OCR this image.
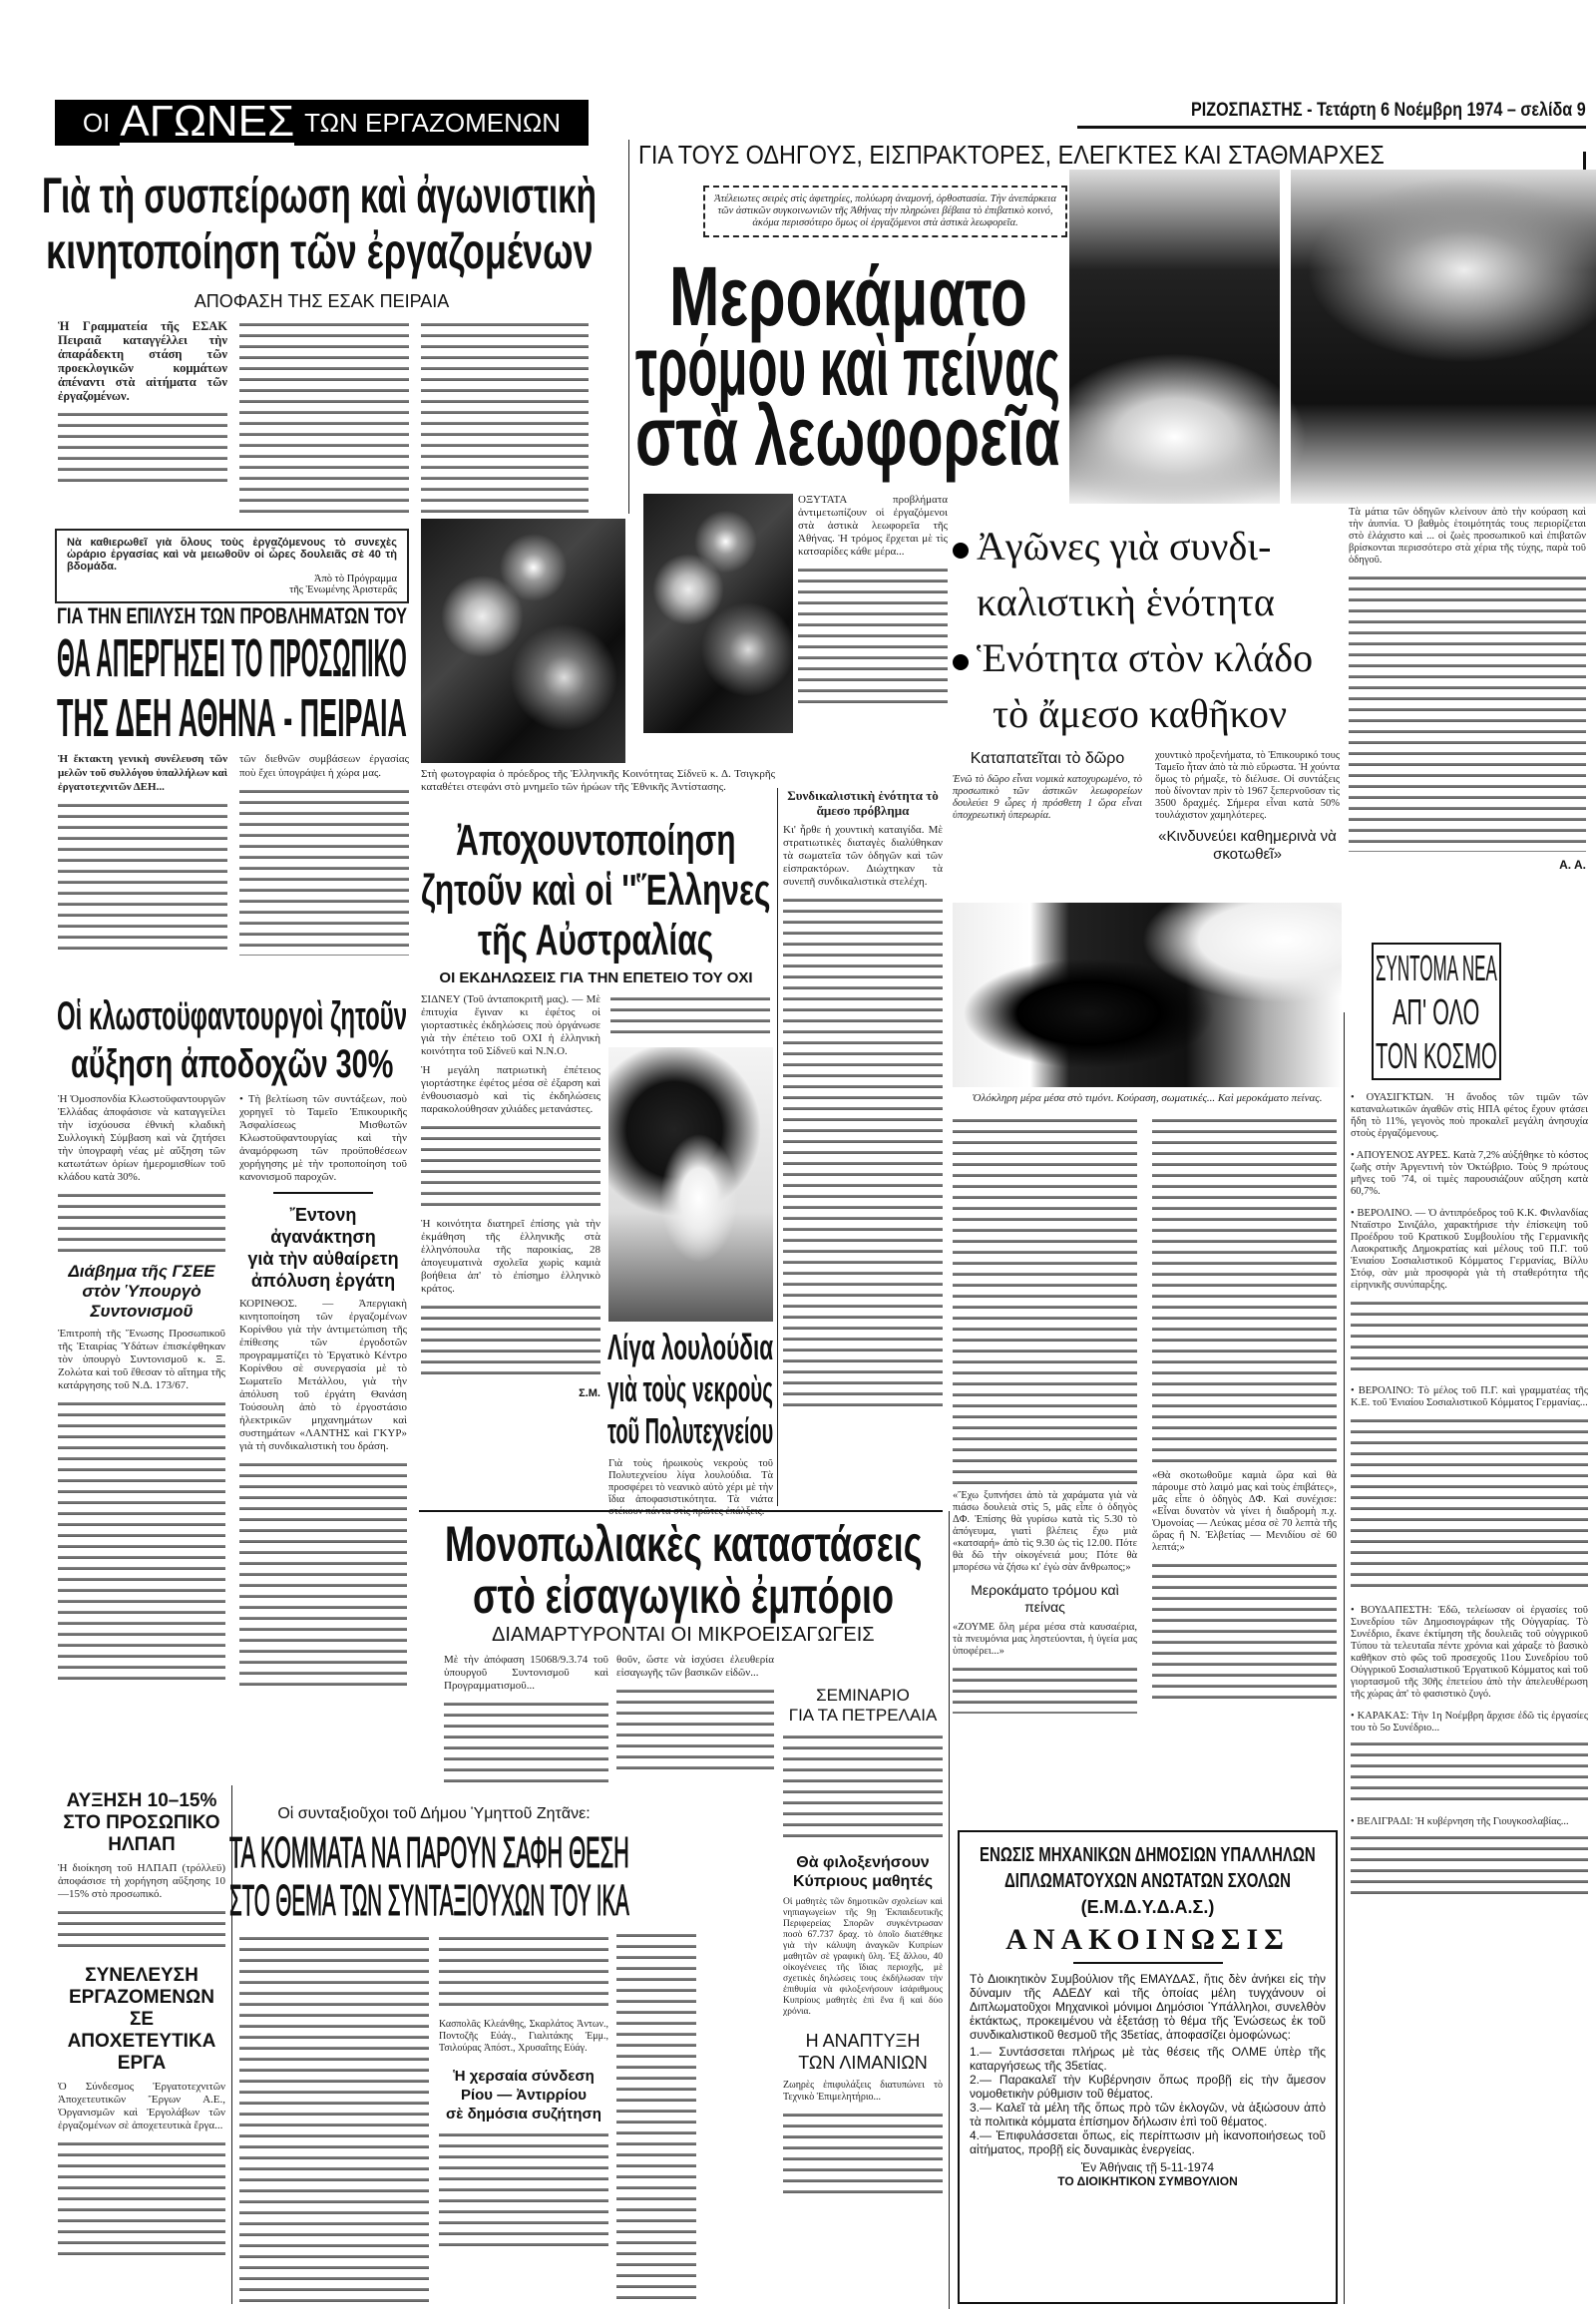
ΟΙ ΑΓΩΝΕΣ ΤΩΝ ΕΡΓΑΖΟΜΕΝΩΝ	ΡΙΖΟΣΠΑΣΤΗΣ - Τετάρτη 6 Νοέμβρη 1974 – σελίδα 9
Γιὰ τὴ συσπείρωση καὶ ἀγωνιστικὴ
κινητοποίηση τῶν ἐργαζομένων
ΑΠΟΦΑΣΗ ΤΗΣ ΕΣΑΚ ΠΕΙΡΑΙΑ

Ἡ Γραμματεία τῆς ΕΣΑΚ Πειραιᾶ καταγγέλλει τὴν ἀπαράδεκτη στάση τῶν προεκλογικῶν κομμάτων ἀπέναντι στὰ αἰτήματα τῶν ἐργαζομένων.

Νὰ καθιερωθεῖ γιὰ ὅλους τοὺς ἐργαζόμενους τὸ συνεχὲς ὡράριο ἐργασίας καὶ νὰ μειωθοῦν οἱ ὧρες δουλειᾶς σὲ 40 τὴ βδομάδα.
Ἀπὸ τὸ Πρόγραμμα
τῆς Ἑνωμένης Ἀριστερᾶς
ΓΙΑ ΤΗΝ ΕΠΙΛΥΣΗ ΤΩΝ ΠΡΟΒΛΗΜΑΤΩΝ ΤΟΥ
ΘΑ ΑΠΕΡΓΗΣΕΙ ΤΟ ΠΡΟΣΩΠΙΚΟ
ΤΗΣ ΔΕΗ ΑΘΗΝΑ - ΠΕΙΡΑΙΑ

Ἡ ἔκτακτη γενικὴ συνέλευση τῶν μελῶν τοῦ συλλόγου ὑπαλλήλων καὶ ἐργατοτεχνιτῶν ΔΕΗ...

τῶν διεθνῶν συμβάσεων ἐργασίας ποὺ ἔχει ὑπογράψει ἡ χώρα μας.

Οἱ κλωστοϋφαντουργοὶ ζητοῦν
αὔξηση ἀποδοχῶν 30%

Ἡ Ὁμοσπονδία Κλωστοϋφαντουργῶν Ἑλλάδας ἀποφάσισε νὰ καταγγείλει τὴν ἰσχύουσα ἐθνικὴ κλαδικὴ Συλλογικὴ Σύμβαση καὶ νὰ ζητήσει τὴν ὑπογραφὴ νέας μὲ αὔξηση τῶν κατωτάτων ὁρίων ἡμερομισθίων τοῦ κλάδου κατὰ 30%.

Διάβημα τῆς ΓΣΕΕ στὸν Ὑπουργὸ Συντονισμοῦ

Ἐπιτροπὴ τῆς Ἕνωσης Προσωπικοῦ τῆς Ἑταιρίας Ὑδάτων ἐπισκέφθηκαν τὸν ὑπουργὸ Συντονισμοῦ κ. Ξ. Ζολώτα καὶ τοῦ ἔθεσαν τὸ αἴτημα τῆς κατάργησης τοῦ Ν.Δ. 173/67.

• Τὴ βελτίωση τῶν συντάξεων, ποὺ χορηγεῖ τὸ Ταμεῖο Ἐπικουρικῆς Ἀσφαλίσεως Μισθωτῶν Κλωστοϋφαντουργίας καὶ τὴν ἀναμόρφωση τῶν προϋποθέσεων χορήγησης μὲ τὴν τροποποίηση τοῦ κανονισμοῦ παροχῶν.

Ἔντονη ἀγανάκτηση
γιὰ τὴν αὐθαίρετη
ἀπόλυση ἐργάτη

ΚΟΡΙΝΘΟΣ. — Ἀπεργιακὴ κινητοποίηση τῶν ἐργαζομένων Κορίνθου γιὰ τὴν ἀντιμετώπιση τῆς ἐπίθεσης τῶν ἐργοδοτῶν προγραμματίζει τὸ Ἐργατικὸ Κέντρο Κορίνθου σὲ συνεργασία μὲ τὸ Σωματεῖο Μετάλλου, γιὰ τὴν ἀπόλυση τοῦ ἐργάτη Θανάση Τούσουλη ἀπὸ τὸ ἐργοστάσιο ἠλεκτρικῶν μηχανημάτων καὶ συστημάτων «ΛΑΝΤΗΣ καὶ ΓΚΥΡ» γιὰ τὴ συνδικαλιστικὴ του δράση.

ΑΥΞΗΣΗ 10–15% ΣΤΟ ΠΡΟΣΩΠΙΚΟ ΗΛΠΑΠ

Ἡ διοίκηση τοῦ ΗΛΠΑΠ (τρόλλεϋ) ἀποφάσισε τὴ χορήγηση αὔξησης 10—15% στὸ προσωπικό.

ΣΥΝΕΛΕΥΣΗ ΕΡΓΑΖΟΜΕΝΩΝ ΣΕ ΑΠΟΧΕΤΕΥΤΙΚΑ ΕΡΓΑ

Ὁ Σύνδεσμος Ἐργατοτεχνιτῶν Ἀποχετευτικῶν Ἔργων Α.Ε., Ὀργανισμῶν καὶ Ἐργολάβων τῶν ἐργαζομένων σὲ ἀποχετευτικὰ ἔργα...

Στὴ φωτογραφία ὁ πρόεδρος τῆς Ἑλληνικῆς Κοινότητας Σίδνεϋ κ. Δ. Τσιγκρῆς καταθέτει στεφάνι στὸ μνημεῖο τῶν ἡρώων τῆς Ἐθνικῆς Ἀντίστασης.
Ἀποχουντοποίηση
ζητοῦν καὶ οἱ ''Ἕλληνες
τῆς Αὐστραλίας
ΟΙ ΕΚΔΗΛΩΣΕΙΣ ΓΙΑ ΤΗΝ ΕΠΕΤΕΙΟ ΤΟΥ ΟΧΙ

ΣΙΔΝΕΥ (Τοῦ ἀνταποκριτῆ μας). — Μὲ ἐπιτυχία ἔγιναν κι ἐφέτος οἱ γιορταστικὲς ἐκδηλώσεις ποὺ ὀργάνωσε γιὰ τὴν ἐπέτειο τοῦ ΟΧΙ ἡ ἑλληνικὴ κοινότητα τοῦ Σίδνεϋ καὶ Ν.Ν.Ο.

Ἡ μεγάλη πατριωτικὴ ἐπέτειος γιορτάστηκε ἐφέτος μέσα σὲ ἐξαρση καὶ ἐνθουσιασμὸ καὶ τὶς ἐκδηλώσεις παρακολούθησαν χιλιάδες μετανάστες.

Ἡ κοινότητα διατηρεῖ ἐπίσης γιὰ τὴν ἐκμάθηση τῆς ἑλληνικῆς στὰ ἑλληνόπουλα τῆς παροικίας, 28 ἀπογευματινὰ σχολεῖα χωρὶς καμιὰ βοήθεια ἀπ' τὸ ἐπίσημο ἑλληνικὸ κράτος.

Σ.Μ.
Λίγα λουλούδια
γιὰ τοὺς νεκροὺς
τοῦ Πολυτεχνείου
Γιὰ τοὺς ἡρωικοὺς νεκροὺς τοῦ Πολυτεχνείου λίγα λουλούδια. Τὰ προσφέρει τὸ νεανικὸ αὐτὸ χέρι μὲ τὴν ἴδια ἀποφασιστικότητα. Τὰ νιάτα
ΓΙΑ ΤΟΥΣ ΟΔΗΓΟΥΣ, ΕΙΣΠΡΑΚΤΟΡΕΣ, ΕΛΕΓΚΤΕΣ ΚΑΙ ΣΤΑΘΜΑΡΧΕΣ
Ἀτέλειωτες σειρὲς στὶς ἀφετηρίες, πολύωρη ἀναμονή, ὀρθοστασία. Τὴν ἀνεπάρκεια τῶν ἀστικῶν συγκοινωνιῶν τῆς Ἀθήνας τὴν πληρώνει βέβαια τὸ ἐπιβατικὸ κοινό, ἀκόμα περισσότερο ὅμως οἱ ἐργαζόμενοι στὰ ἀστικὰ λεωφορεῖα.
Μεροκάματο
τρόμου καὶ πείνας
στὰ λεωφορεῖα

ΟΞΥΤΑΤΑ προβλήματα ἀντιμετωπίζουν οἱ ἐργαζόμενοι στὰ ἀστικὰ λεωφορεῖα τῆς Ἀθήνας. Ἡ τρόμος ἔρχεται μὲ τὶς κατσαρίδες κάθε μέρα...	Ἀγῶνες γιὰ συνδι-
καλιστικὴ ἑνότητα
Ἑνότητα στὸν κλάδο
τὸ ἄμεσο καθῆκον
Συνδικαλιστικὴ ἑνότητα τὸ ἄμεσο πρόβλημα

Κι' ἦρθε ἡ χουντικὴ καταιγίδα. Μὲ στρατιωτικὲς διαταγὲς διαλύθηκαν τὰ σωματεῖα τῶν ὁδηγῶν καὶ τῶν εἰσπρακτόρων. Διώχτηκαν τὰ συνεπῆ συνδικαλιστικὰ στελέχη.

Καταπατεῖται τὸ δῶρο

Ἐνῶ τὸ δῶρο εἶναι νομικὰ κατοχυρωμένο, τὸ προσωπικὸ τῶν ἀστικῶν λεωφορείων δουλεύει 9 ὧρες ἡ πρόσθετη 1 ὥρα εἶναι ὑποχρεωτικὴ ὑπερωρία.

χουντικὸ προξενήματα, τὸ Ἐπικουρικό τους Ταμεῖο ἦταν ἀπὸ τὰ πιὸ εὔρωστα. Ἡ χούντα ὅμως τὸ ρήμαξε, τὸ διέλυσε. Οἱ συντάξεις ποὺ δίνονταν πρὶν τὸ 1967 ξεπερνοῦσαν τὶς 3500 δραχμές. Σήμερα εἶναι κατὰ 50% τουλάχιστον χαμηλότερες.

«Κινδυνεύει καθημερινὰ νὰ σκοτωθεῖ»
Ὁλόκληρη μέρα μέσα στὸ τιμόνι. Κούραση, σωματικές... Καὶ μεροκάματο πείνας.

Τὰ μάτια τῶν ὁδηγῶν κλείνουν ἀπὸ τὴν κούραση καὶ τὴν ἀυπνία. Ὁ βαθμὸς ἑτοιμότητάς τους περιορίζεται στὸ ἐλάχιστο καὶ ... οἱ ζωὲς προσωπικοῦ καὶ ἐπιβατῶν βρίσκονται περισσότερο στὰ χέρια τῆς τύχης, παρὰ τοῦ ὁδηγοῦ.

Α. Α.

«Ἔχω ξυπνήσει ἀπὸ τὰ χαράματα γιὰ νὰ πιάσω δουλειὰ στὶς 5, μᾶς εἶπε ὁ ὁδηγὸς ΔΦ. Ἐπίσης θὰ γυρίσω κατὰ τὶς 5.30 τὸ ἀπόγευμα, γιατὶ βλέπεις ἔχω μιὰ «κατσαρή» ἀπὸ τὶς 9.30 ὡς τὶς 12.00. Πότε θὰ δῶ τὴν οἰκογένειά μου; Πότε θὰ μπορέσω νὰ ζήσω κι' ἐγὼ σὰν ἄνθρωπος;»

Μεροκάματο τρόμου καὶ πείνας

«ΖΟΥΜΕ ὅλη μέρα μέσα στὰ καυσαέρια, τὰ πνευμόνια μας ληστεύονται, ἡ ὑγεία μας ὑποφέρει...»

«Θὰ σκοτωθοῦμε καμιὰ ὥρα καὶ θὰ πάρουμε στὸ λαιμό μας καὶ τοὺς ἐπιβάτες», μᾶς εἶπε ὁ ὁδηγὸς ΔΦ. Καὶ συνέχισε: «Εἶναι δυνατὸν νὰ γίνει ἡ διαδρομὴ π.χ. Ὁμονοίας — Λεύκας μέσα σὲ 70 λεπτὰ τῆς ὥρας ἢ Ν. Ἐλβετίας — Μενιδίου σὲ 60 λεπτά;»

ΣΥΝΤΟΜΑ ΝΕΑ
ΑΠ' ΟΛΟ
ΤΟΝ ΚΟΣΜΟ

• ΟΥΑΣΙΓΚΤΩΝ. Ἡ ἄνοδος τῶν τιμῶν τῶν καταναλωτικῶν ἀγαθῶν στὶς ΗΠΑ φέτος ἔχουν φτάσει ἤδη τὸ 11%, γεγονὸς ποὺ προκαλεῖ μεγάλη ἀνησυχία στοὺς ἐργαζόμενους.

• ΑΠΟΥΕΝΟΣ ΑΥΡΕΣ. Κατὰ 7,2% αὐξήθηκε τὸ κόστος ζωῆς στὴν Ἀργεντινὴ τὸν Ὀκτώβριο. Τοὺς 9 πρώτους μῆνες τοῦ '74, οἱ τιμὲς παρουσιάζουν αὔξηση κατὰ 60,7%.

• ΒΕΡΟΛΙΝΟ. — Ὁ ἀντιπρόεδρος τοῦ Κ.Κ. Φινλανδίας Νταϊστρο Σινιζάλο, χαρακτήρισε τὴν ἐπίσκεψη τοῦ Προέδρου τοῦ Κρατικοῦ Συμβουλίου τῆς Γερμανικῆς Λαοκρατικῆς Δημοκρατίας καὶ μέλους τοῦ Π.Γ. τοῦ Ἑνιαίου Σοσιαλιστικοῦ Κόμματος Γερμανίας, Βίλλυ Στόφ, σὰν μιὰ προσφορὰ γιὰ τὴ σταθερότητα τῆς εἰρηνικῆς συνύπαρξης.

• ΒΕΡΟΛΙΝΟ: Τὸ μέλος τοῦ Π.Γ. καὶ γραμματέας τῆς Κ.Ε. τοῦ Ἑνιαίου Σοσιαλιστικοῦ Κόμματος Γερμανίας...

• ΒΟΥΔΑΠΕΣΤΗ: Ἐδῶ, τελείωσαν οἱ ἐργασίες τοῦ Συνεδρίου τῶν Δημοσιογράφων τῆς Οὐγγαρίας. Τὸ Συνέδριο, ἔκανε ἐκτίμηση τῆς δουλειᾶς τοῦ οὐγγρικοῦ Τύπου τὰ τελευταῖα πέντε χρόνια καὶ χάραξε τὸ βασικὸ καθῆκον στὸ φῶς τοῦ προσεχοῦς 11ου Συνεδρίου τοῦ Οὐγγρικοῦ Σοσιαλιστικοῦ Ἐργατικοῦ Κόμματος καὶ τοῦ γιορτασμοῦ τῆς 30ῆς ἐπετείου ἀπὸ τὴν ἀπελευθέρωση τῆς χώρας ἀπ' τὸ φασιστικὸ ζυγό.

• ΚΑΡΑΚΑΣ: Τὴν 1η Νοέμβρη ἄρχισε ἐδῶ τὶς ἐργασίες του τὸ 5ο Συνέδριο...

• ΒΕΛΙΓΡΑΔΙ: Ἡ κυβέρνηση τῆς Γιουγκοσλαβίας...

Μονοπωλιακὲς καταστάσεις
στὸ εἰσαγωγικὸ ἐμπόριο
ΔΙΑΜΑΡΤΥΡΟΝΤΑΙ ΟΙ ΜΙΚΡΟΕΙΣΑΓΩΓΕΙΣ

Μὲ τὴν ἀπόφαση 15068/9.3.74 τοῦ ὑπουργοῦ Συντονισμοῦ καὶ Προγραμματισμοῦ...

θοῦν, ὥστε νὰ ἰσχύσει ἐλευθερία εἰσαγωγῆς τῶν βασικῶν εἰδῶν...

ΣΕΜΙΝΑΡΙΟ
ΓΙΑ ΤΑ ΠΕΤΡΕΛΑΙΑ
Θὰ φιλοξενήσουν
Κύπριους μαθητές

Οἱ μαθητὲς τῶν δημοτικῶν σχολείων καὶ νηπιαγωγείων τῆς 9ῃ Ἐκπαιδευτικῆς Περιφερείας Σπορῶν συγκέντρωσαν ποσὸ 67.737 δραχ. τὸ ὁποῖο διατέθηκε γιὰ τὴν κάλυψη ἀναγκῶν Κυπρίων μαθητῶν σὲ γραφικὴ ὕλη. Ἐξ ἄλλου, 40 οἰκογένειες τῆς ἴδιας περιοχῆς, μὲ σχετικὲς δηλώσεις τους ἐκδήλωσαν τὴν ἐπιθυμία νὰ φιλοξενήσουν ἰσάριθμους Κυπρίους μαθητὲς ἐπὶ ἕνα ἢ καὶ δύο χρόνια.

Η ΑΝΑΠΤΥΞΗ
ΤΩΝ ΛΙΜΑΝΙΩΝ

Ζωηρὲς ἐπιφυλάξεις διατυπώνει τὸ Τεχνικὸ Ἐπιμελητήριο...

Οἱ συνταξιοῦχοι τοῦ Δήμου Ὑμηττοῦ Ζητᾶνε:
ΤΑ ΚΟΜΜΑΤΑ ΝΑ ΠΑΡΟΥΝ ΣΑΦΗ ΘΕΣΗ
ΣΤΟ ΘΕΜΑ ΤΩΝ ΣΥΝΤΑΞΙΟΥΧΩΝ ΤΟΥ ΙΚΑ

Κασπολᾶς Κλεάνθης, Σκαρλάτος Ἀντων., Ποντοζῆς Εὐάγ., Γιαλιτάκης Ἐμμ., Τσιλούρας Ἀπόστ., Χρυσαΐτης Εὐάγ.

Ἡ χερσαία σύνδεση
Ρίου — Ἀντιρρίου
σὲ δημόσια συζήτηση
ΕΝΩΣΙΣ ΜΗΧΑΝΙΚΩΝ ΔΗΜΟΣΙΩΝ ΥΠΑΛΛΗΛΩΝ
ΔΙΠΛΩΜΑΤΟΥΧΩΝ ΑΝΩΤΑΤΩΝ ΣΧΟΛΩΝ
(Ε.Μ.Δ.Υ.Δ.Α.Σ.)
ΑΝΑΚΟΙΝΩΣΙΣ
Τὸ Διοικητικὸν Συμβούλιον τῆς ΕΜΑΥΔΑΣ, ἥτις δὲν ἀνήκει εἰς τὴν δύναμιν τῆς ΑΔΕΔΥ καὶ τῆς ὁποίας μέλη τυγχάνουν οἱ Διπλωματοῦχοι Μηχανικοὶ μόνιμοι Δημόσιοι Ὑπάλληλοι, συνελθὸν ἐκτάκτως, προκειμένου νὰ ἐξετάσῃ τὸ θέμα τῆς Ἑνώσεως ἐκ τοῦ συνδικαλιστικοῦ θεσμοῦ τῆς 35ετίας, ἀποφασίζει ὁμοφώνως:
1.— Συντάσσεται πλήρως μὲ τὰς θέσεις τῆς ΟΛΜΕ ὑπὲρ τῆς καταργήσεως τῆς 35ετίας.
2.— Παρακαλεῖ τὴν Κυβέρνησιν ὅπως προβῇ εἰς τὴν ἄμεσον νομοθετικὴν ρύθμισιν τοῦ θέματος.
3.— Καλεῖ τὰ μέλη τῆς ὅπως πρὸ τῶν ἐκλογῶν, νὰ ἀξιώσουν ἀπὸ τὰ πολιτικὰ κόμματα ἐπίσημον δήλωσιν ἐπὶ τοῦ θέματος.
4.— Ἐπιφυλάσσεται ὅπως, εἰς περίπτωσιν μὴ ἱκανοποιήσεως τοῦ αἰτήματος, προβῇ εἰς δυναμικὰς ἐνεργείας.
Ἐν Ἀθήναις τῇ 5-11-1974
ΤΟ ΔΙΟΙΚΗΤΙΚΟΝ ΣΥΜΒΟΥΛΙΟΝ
